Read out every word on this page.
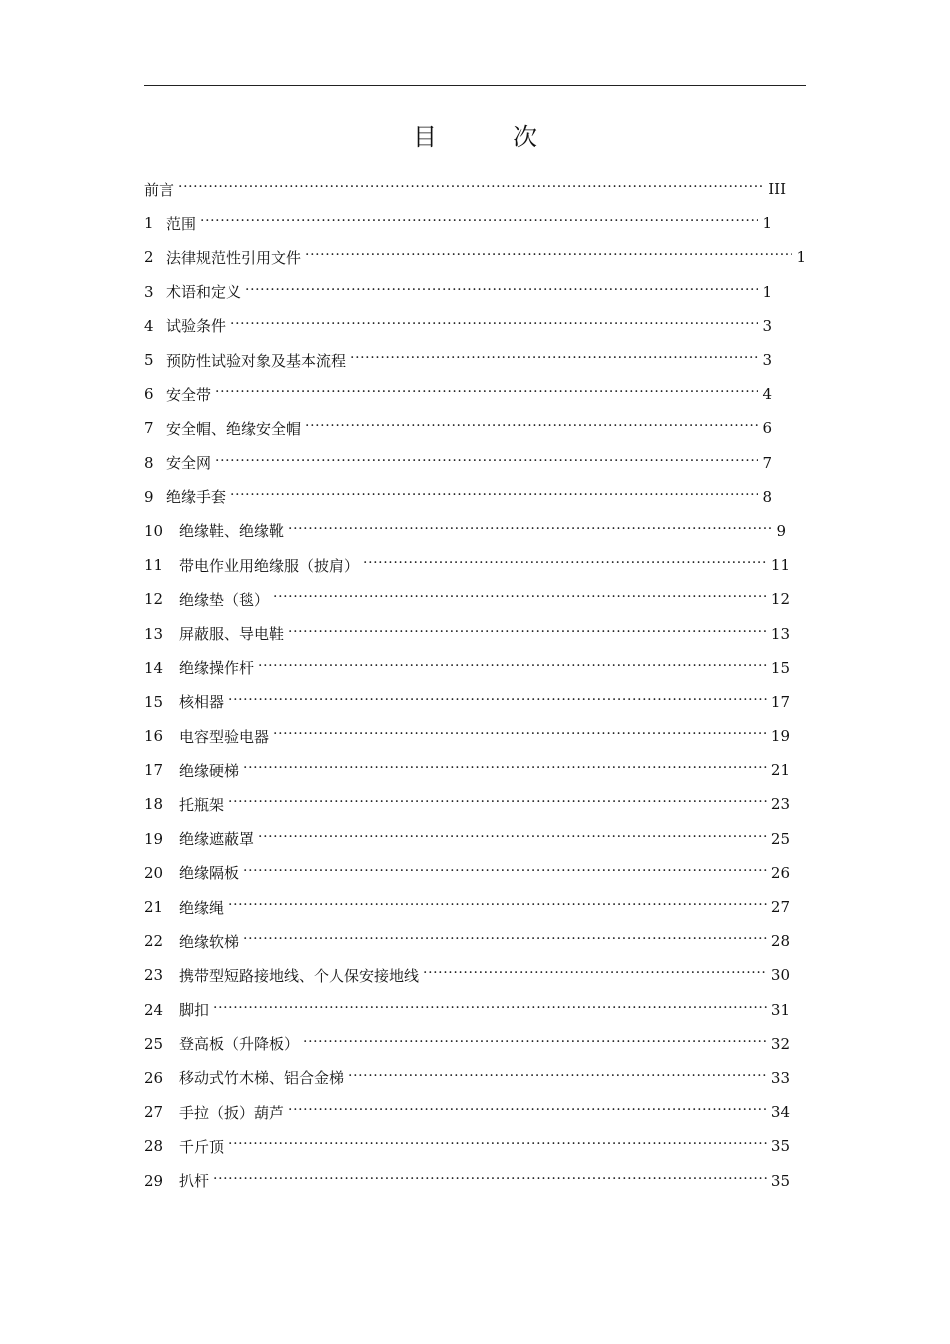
目　次
前言 ·····	III
1 范围 ·····	1
2 法律规范性引用文件 ·····	1
3 术语和定义 ·····	1
4 试验条件 ·····	3
5 预防性试验对象及基本流程 ·····	3
6 安全带 ·····	4
7 安全帽、绝缘安全帽 ·····	6
8 安全网 ·····	7
9 绝缘手套 ·····	8
10	绝缘鞋、绝缘靴 ·····	9
11	带电作业用绝缘服（披肩） ·····	11
12	绝缘垫（毯） ·····	12
13	屏蔽服、导电鞋 ·····	13
14	绝缘操作杆 ·····	15
15	核相器 ·····	17
16	电容型验电器 ·····	19
17	绝缘硬梯 ·····	21
18	托瓶架 ·····	23
19	绝缘遮蔽罩 ·····	25
20	绝缘隔板 ·····	26
21	绝缘绳 ·····	27
22	绝缘软梯 ·····	28
23	携带型短路接地线、个人保安接地线 ·····	30
24	脚扣 ·····	31
25	登高板（升降板） ·····	32
26	移动式竹木梯、铝合金梯 ·····	33
27	手拉（扳）葫芦 ·····	34
28	千斤顶 ·····	35
29	扒杆 ·····	35
